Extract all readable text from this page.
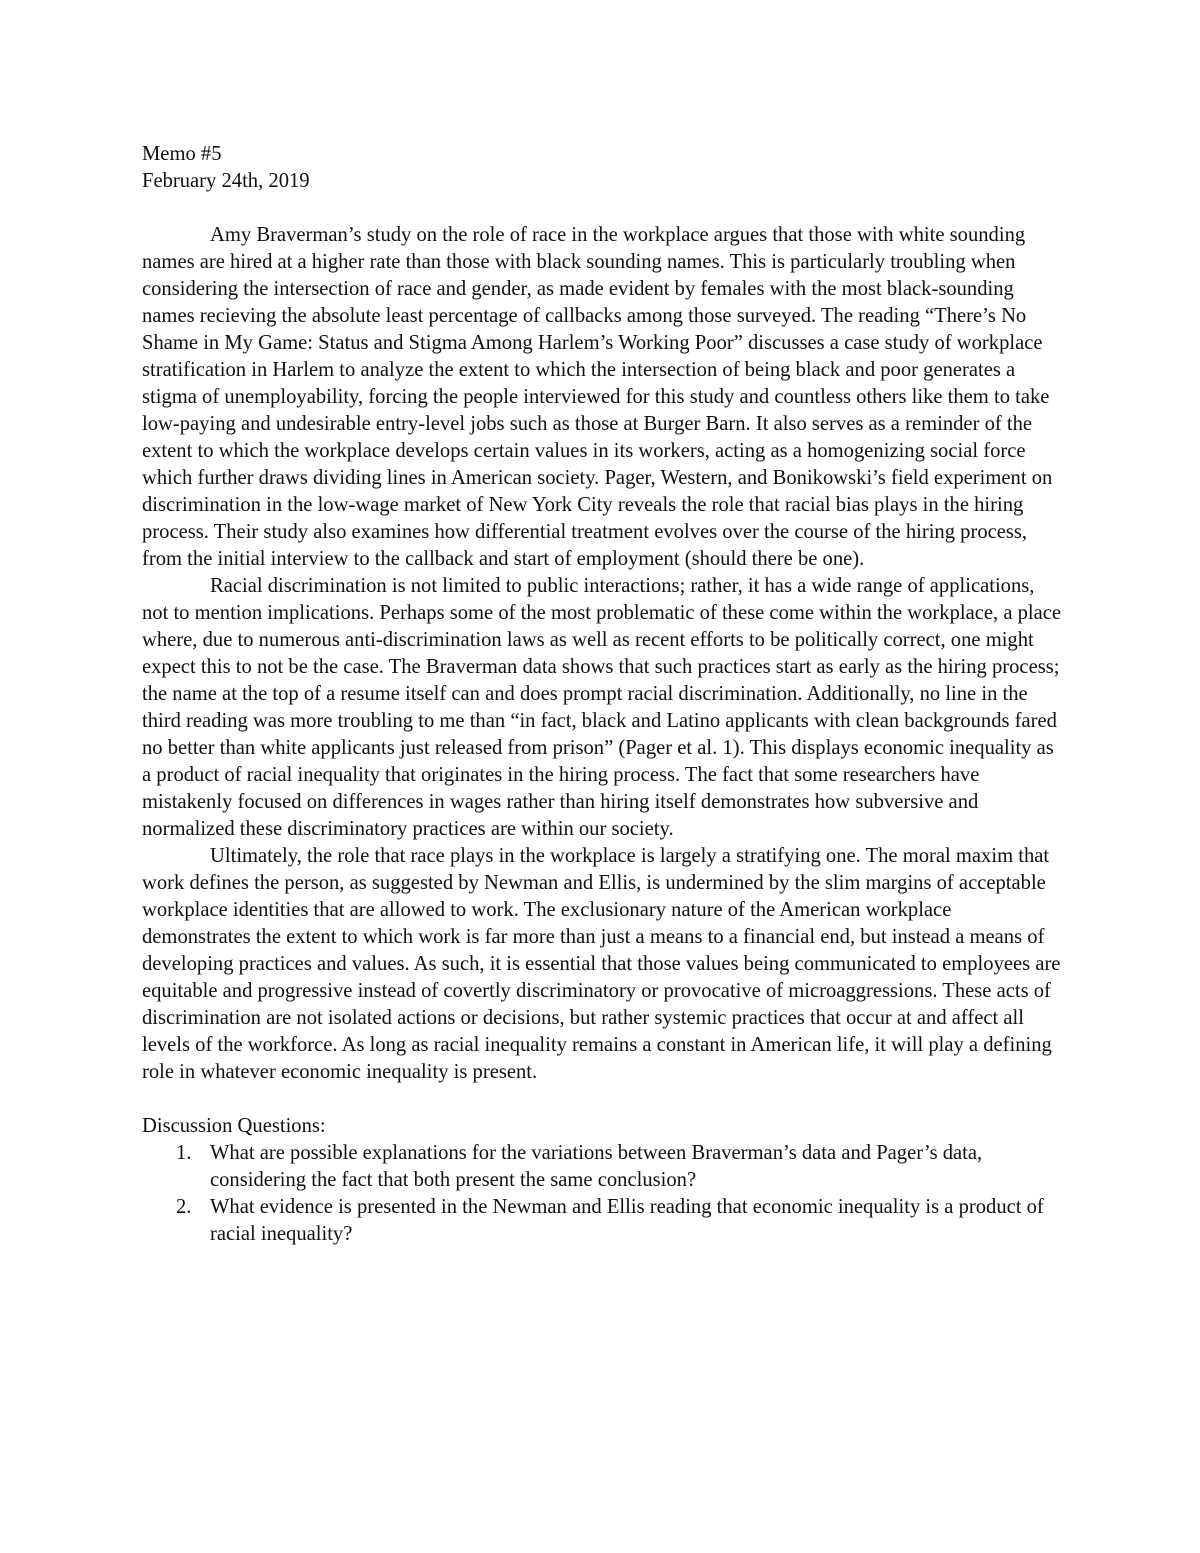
Memo #5

February 24th, 2019

Amy Braverman’s study on the role of race in the workplace argues that those with white sounding names are hired at a higher rate than those with black sounding names. This is particularly troubling when considering the intersection of race and gender, as made evident by females with the most black-sounding names recieving the absolute least percentage of callbacks among those surveyed. The reading “There’s No Shame in My Game: Status and Stigma Among Harlem’s Working Poor” discusses a case study of workplace stratification in Harlem to analyze the extent to which the intersection of being black and poor generates a stigma of unemployability, forcing the people interviewed for this study and countless others like them to take low-paying and undesirable entry-level jobs such as those at Burger Barn. It also serves as a reminder of the extent to which the workplace develops certain values in its workers, acting as a homogenizing social force which further draws dividing lines in American society. Pager, Western, and Bonikowski’s field experiment on discrimination in the low-wage market of New York City reveals the role that racial bias plays in the hiring process. Their study also examines how differential treatment evolves over the course of the hiring process, from the initial interview to the callback and start of employment (should there be one).

Racial discrimination is not limited to public interactions; rather, it has a wide range of applications, not to mention implications. Perhaps some of the most problematic of these come within the workplace, a place where, due to numerous anti-discrimination laws as well as recent efforts to be politically correct, one might expect this to not be the case. The Braverman data shows that such practices start as early as the hiring process; the name at the top of a resume itself can and does prompt racial discrimination. Additionally, no line in the third reading was more troubling to me than “in fact, black and Latino applicants with clean backgrounds fared no better than white applicants just released from prison” (Pager et al. 1). This displays economic inequality as a product of racial inequality that originates in the hiring process. The fact that some researchers have mistakenly focused on differences in wages rather than hiring itself demonstrates how subversive and normalized these discriminatory practices are within our society.

Ultimately, the role that race plays in the workplace is largely a stratifying one. The moral maxim that work defines the person, as suggested by Newman and Ellis, is undermined by the slim margins of acceptable workplace identities that are allowed to work. The exclusionary nature of the American workplace demonstrates the extent to which work is far more than just a means to a financial end, but instead a means of developing practices and values. As such, it is essential that those values being communicated to employees are equitable and progressive instead of covertly discriminatory or provocative of microaggressions. These acts of discrimination are not isolated actions or decisions, but rather systemic practices that occur at and affect all levels of the workforce. As long as racial inequality remains a constant in American life, it will play a defining role in whatever economic inequality is present.

Discussion Questions:

1. What are possible explanations for the variations between Braverman’s data and Pager’s data, considering the fact that both present the same conclusion?
2. What evidence is presented in the Newman and Ellis reading that economic inequality is a product of racial inequality?
